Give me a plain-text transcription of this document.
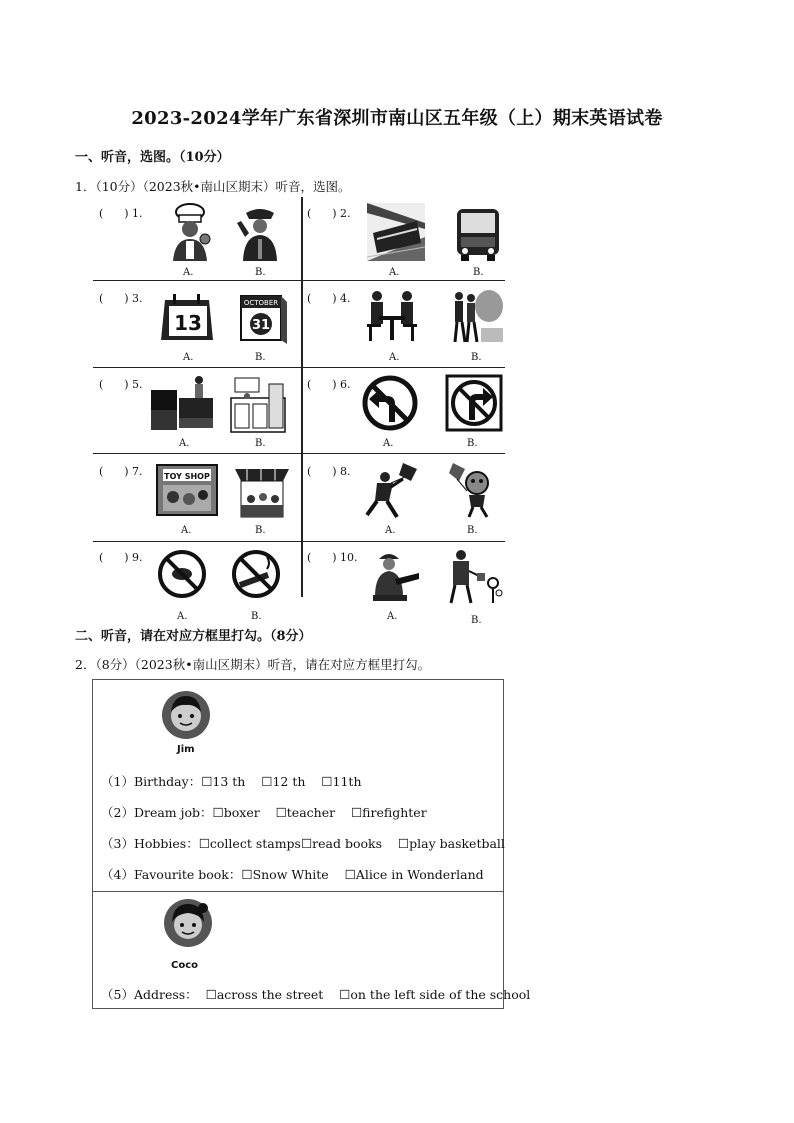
2023-2024学年广东省深圳市南山区五年级（上）期末英语试卷
一、听音，选图。（10分）
1．（10分）（2023秋•南山区期末）听音，选图。
(      ) 1.
A.	B.
(      ) 2.
A.	B.
(      ) 3.
13
OCTOBER
31
A.	B.
(      ) 4.
A.	B.
(      ) 5.
A.	B.
(      ) 6.
A.	B.
(      ) 7.	TOY SHOP
A.	B.
(      ) 8.
A.	B.
(      ) 9.
A.	B.
(      ) 10.
A.	B.
二、听音，请在对应方框里打勾。（8分）
2．（8分）（2023秋•南山区期末）听音，请在对应方框里打勾。
Jim
（1）Birthday：☐13 th    ☐12 th    ☐11th
（2）Dream job：☐boxer    ☐teacher    ☐firefighter
（3）Hobbies：☐collect stamps☐read books    ☐play basketball
（4）Favourite book：☐Snow White    ☐Alice in Wonderland
Coco
（5）Address：  ☐across the street    ☐on the left side of the school
